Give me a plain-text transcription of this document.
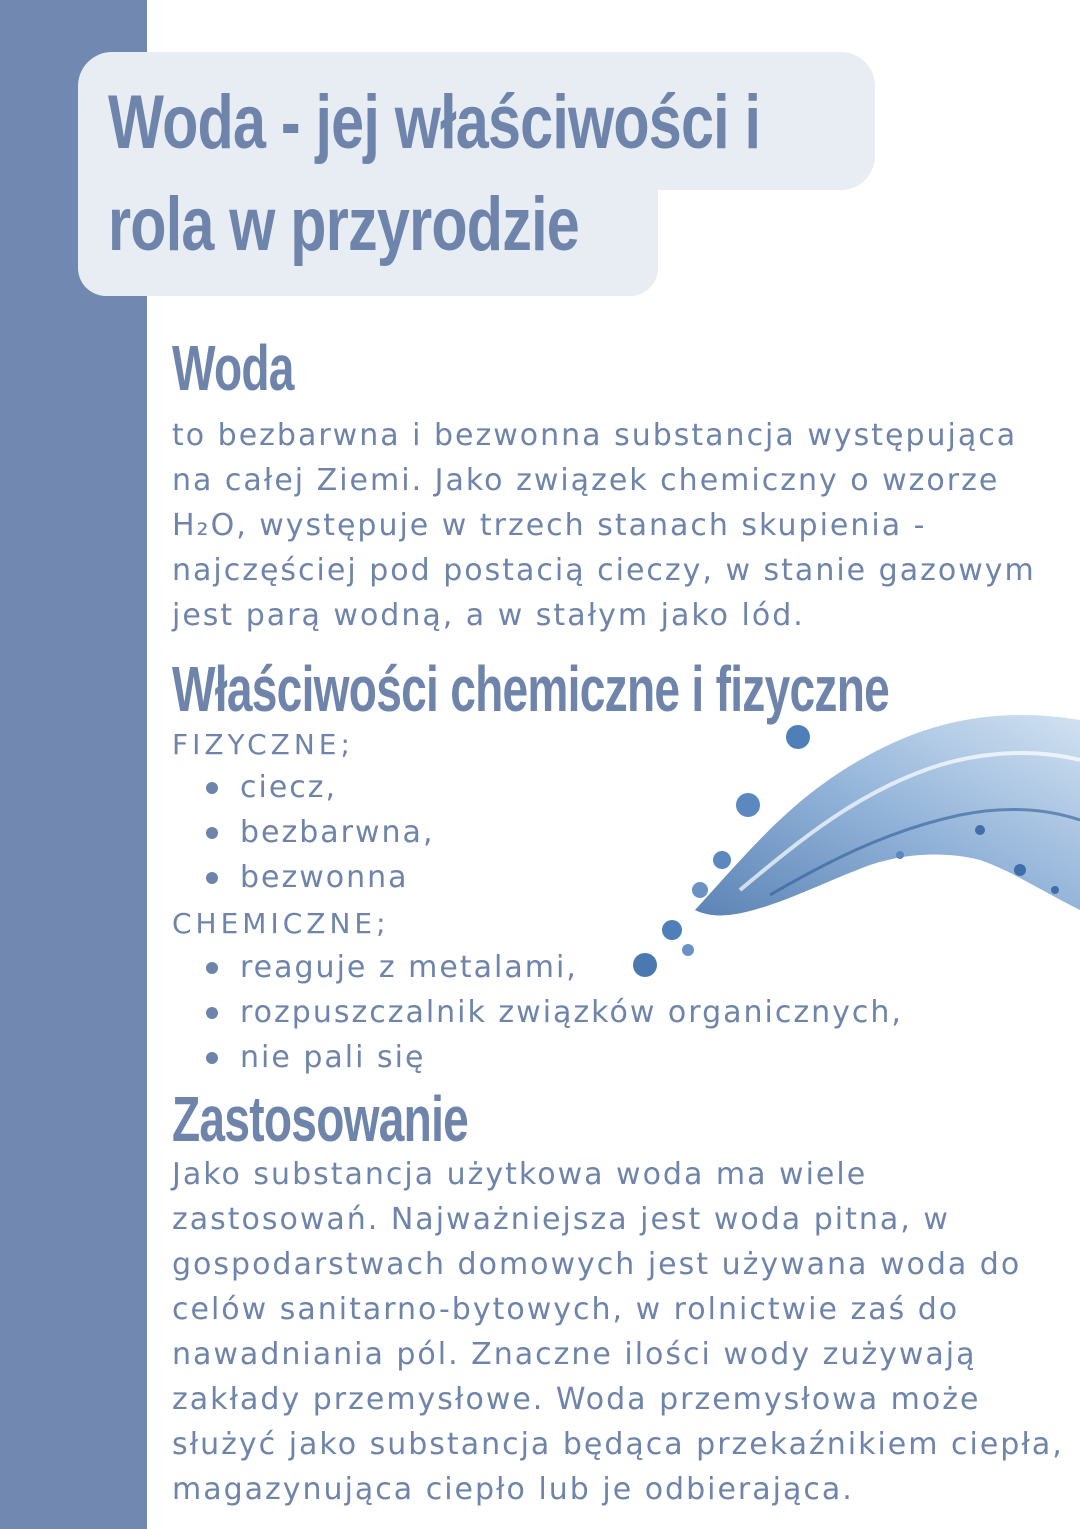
Woda - jej właściwości i
rola w przyrodzie
Woda

to bezbarwna i bezwonna substancja występująca
na całej Ziemi. Jako związek chemiczny o wzorze
H₂O, występuje w trzech stanach skupienia -
najczęściej pod postacią cieczy, w stanie gazowym
jest parą wodną, a w stałym jako lód.

Właściwości chemiczne i fizyczne
FIZYCZNE;
ciecz,
bezbarwna,
bezwonna
CHEMICZNE;
reaguje z metalami,
rozpuszczalnik związków organicznych,
nie pali się
Zastosowanie

Jako substancja użytkowa woda ma wiele
zastosowań. Najważniejsza jest woda pitna, w
gospodarstwach domowych jest używana woda do
celów sanitarno-bytowych, w rolnictwie zaś do
nawadniania pól. Znaczne ilości wody zużywają
zakłady przemysłowe. Woda przemysłowa może
służyć jako substancja będąca przekaźnikiem ciepła,
magazynująca ciepło lub je odbierająca.
